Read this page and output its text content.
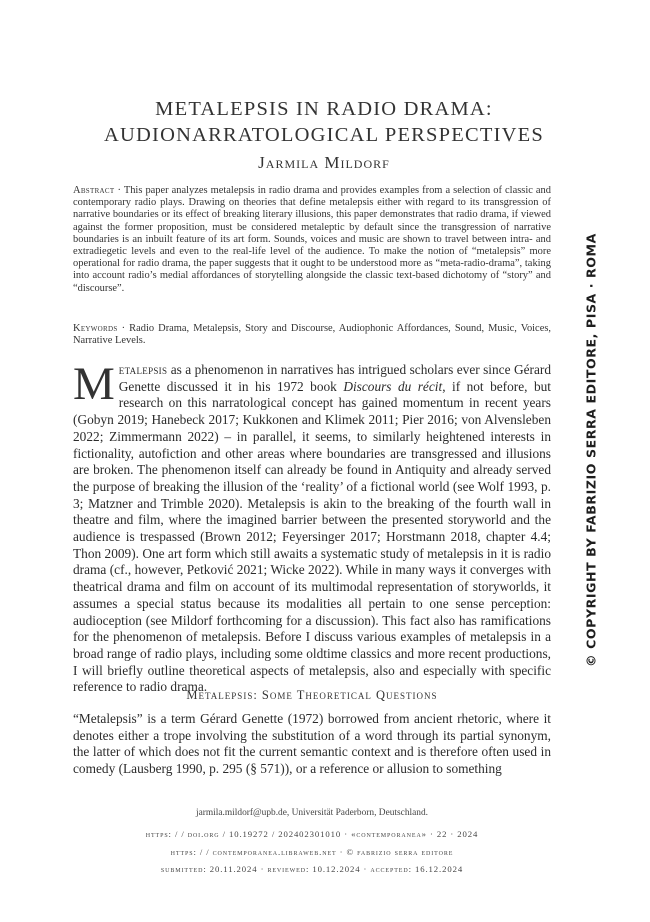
METALEPSIS IN RADIO DRAMA:
AUDIONARRATOLOGICAL PERSPECTIVES
Jarmila Mildorf
Abstract · This paper analyzes metalepsis in radio drama and provides examples from a selection of classic and contemporary radio plays. Drawing on theories that define metalepsis either with regard to its transgression of narrative boundaries or its effect of breaking literary illusions, this paper demonstrates that radio drama, if viewed against the former proposition, must be considered metaleptic by default since the transgression of narrative boundaries is an inbuilt feature of its art form. Sounds, voices and music are shown to travel between intra- and extradiegetic levels and even to the real-life level of the audience. To make the notion of “metalepsis” more operational for radio drama, the paper suggests that it ought to be understood more as “meta-radio-drama”, taking into account radio’s medial affordances of storytelling alongside the classic text-based dichotomy of “story” and “discourse”.
Keywords · Radio Drama, Metalepsis, Story and Discourse, Audiophonic Affordances, Sound, Music, Voices, Narrative Levels.
Metalepsis as a phenomenon in narratives has intrigued scholars ever since Gérard Genette discussed it in his 1972 book Discours du récit, if not before, but research on this narratological concept has gained momentum in recent years (Gobyn 2019; Hanebeck 2017; Kukkonen and Klimek 2011; Pier 2016; von Alvensleben 2022; Zimmermann 2022) – in parallel, it seems, to similarly heightened interests in fictionality, autofiction and other areas where boundaries are transgressed and illusions are broken. The phenomenon itself can already be found in Antiquity and already served the purpose of breaking the illusion of the ‘reality’ of a fictional world (see Wolf 1993, p. 3; Matzner and Trimble 2020). Metalepsis is akin to the breaking of the fourth wall in theatre and film, where the imagined barrier between the presented storyworld and the audience is trespassed (Brown 2012; Feyersinger 2017; Horstmann 2018, chapter 4.4; Thon 2009). One art form which still awaits a systematic study of metalepsis in it is radio drama (cf., however, Petković 2021; Wicke 2022). While in many ways it converges with theatrical drama and film on account of its multimodal representation of storyworlds, it assumes a special status because its modalities all pertain to one sense perception: audioception (see Mildorf forthcoming for a discussion). This fact also has ramifications for the phenomenon of metalepsis. Before I discuss various examples of metalepsis in a broad range of radio plays, including some oldtime classics and more recent productions, I will briefly outline theoretical aspects of metalepsis, also and especially with specific reference to radio drama.
Metalepsis: Some Theoretical Questions
“Metalepsis” is a term Gérard Genette (1972) borrowed from ancient rhetoric, where it denotes either a trope involving the substitution of a word through its partial synonym, the latter of which does not fit the current semantic context and is therefore often used in comedy (Lausberg 1990, p. 295 (§ 571)), or a reference or allusion to something
jarmila.mildorf@upb.de, Universität Paderborn, Deutschland.
https: / / doi.org / 10.19272 / 202402301010 · «contemporanea» · 22 · 2024
https: / / contemporanea.libraweb.net · © fabrizio serra editore
submitted: 20.11.2024 · reviewed: 10.12.2024 · accepted: 16.12.2024
© COPYRIGHT BY FABRIZIO SERRA EDITORE, PISA · ROMA
